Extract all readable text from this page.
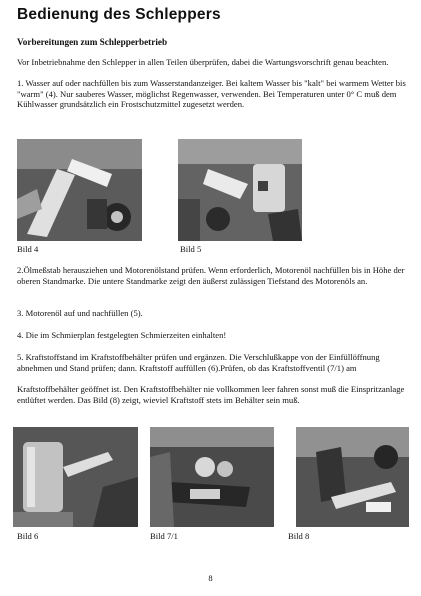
Bedienung des Schleppers
Vorbereitungen zum Schlepperbetrieb
Vor Inbetriebnahme den Schlepper in allen Teilen überprüfen, dabei die Wartungsvorschrift genau beachten.
1. Wasser auf oder nachfüllen bis zum Wasserstandanzeiger. Bei kaltem Wasser bis "kalt" bei warmem Wetter bis "warm" (4). Nur sauberes Wasser, möglichst Regenwasser, verwenden. Bei Temperaturen unter 0° C muß dem Kühlwasser grundsätzlich ein Frostschutzmittel zugesetzt werden.
Bild 4	Bild 5
2.Ölmeßstab herausziehen und Motorenölstand prüfen. Wenn erforderlich, Motorenöl nachfüllen bis in Höhe der oberen Standmarke. Die untere Standmarke zeigt den äußerst zulässigen Tiefstand des Motorenöls an.
3. Motorenöl auf und nachfüllen (5).
4. Die im Schmierplan festgelegten Schmierzeiten einhalten!
5. Kraftstoffstand im Kraftstoffbehälter prüfen und ergänzen. Die Verschlußkappe von der Einfüllöffnung abnehmen und Stand prüfen; dann. Kraftstoff auffüllen (6).Prüfen, ob das Kraftstoffventil (7/1) am
Kraftstoffbehälter geöffnet ist. Den Kraftstoffbehälter nie vollkommen leer fahren sonst muß die Einspritzanlage entlüftet werden. Das Bild (8) zeigt, wieviel Kraftstoff stets im Behälter sein muß.
Bild 6	Bild 7/1	Bild 8
8
